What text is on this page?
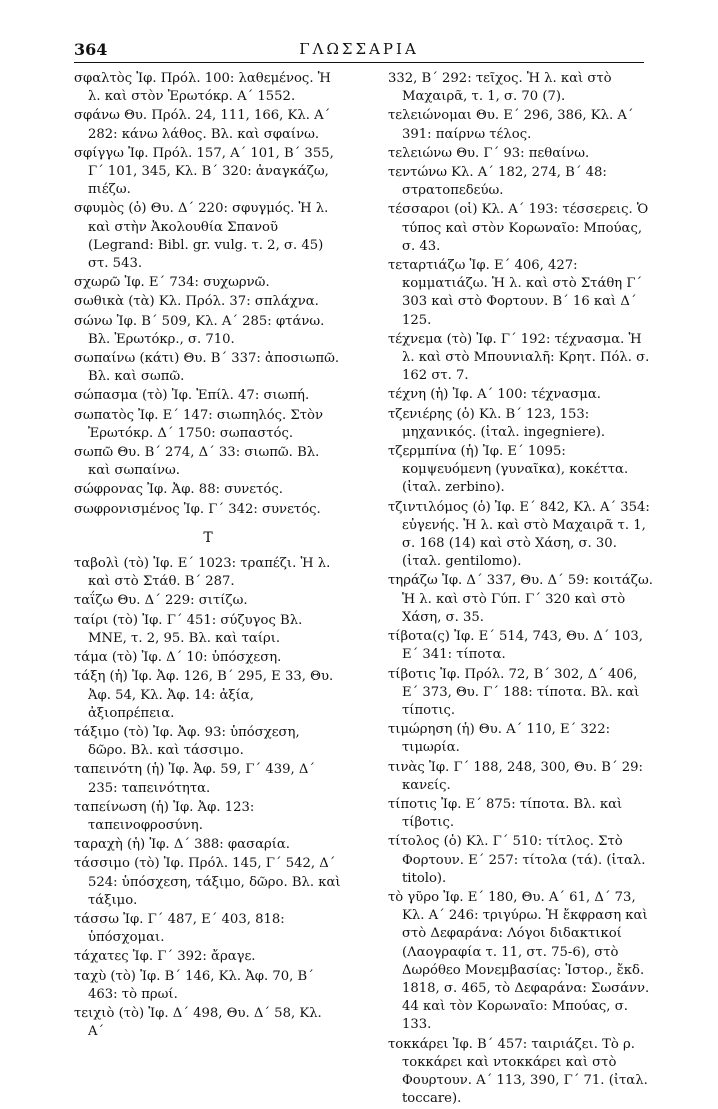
364	ΓΛΩΣΣΑΡΙΑ

σφαλτὸς Ἰφ. Πρόλ. 100: λαθεμένος. Ἡ λ. καὶ στὸν Ἐρωτόκρ. Α΄ 1552.

σφάνω Θυ. Πρόλ. 24, 111, 166, Κλ. Α΄ 282: κάνω λάθος. Βλ. καὶ σφαίνω.

σφίγγω Ἰφ. Πρόλ. 157, Α΄ 101, Β΄ 355, Γ΄ 101, 345, Κλ. Β΄ 320: ἀναγκάζω, πιέζω.

σφυμὸς (ὁ) Θυ. Δ΄ 220: σφυγμός. Ἡ λ. καὶ στὴν Ἀκολουθία Σπανοῦ (Legrand: Bibl. gr. vulg. τ. 2, σ. 45) στ. 543.

σχωρῶ Ἰφ. Ε΄ 734: συχωρνῶ.

σωθικὰ (τὰ) Κλ. Πρόλ. 37: σπλάχνα.

σώνω Ἰφ. Β΄ 509, Κλ. Α΄ 285: φτάνω. Βλ. Ἐρωτόκρ., σ. 710.

σωπαίνω (κάτι) Θυ. Β΄ 337: ἀποσιωπῶ. Βλ. καὶ σωπῶ.

σώπασμα (τὸ) Ἰφ. Ἐπίλ. 47: σιωπή.

σωπατὸς Ἰφ. Ε΄ 147: σιωπηλός. Στὸν Ἐρωτόκρ. Δ΄ 1750: σωπαστός.

σωπῶ Θυ. Β΄ 274, Δ΄ 33: σιωπῶ. Βλ. καὶ σωπαίνω.

σώφρονας Ἰφ. Ἀφ. 88: συνετός.

σωφρονισμένος Ἰφ. Γ΄ 342: συνετός.

Τ

ταβολὶ (τὸ) Ἰφ. Ε΄ 1023: τραπέζι. Ἡ λ. καὶ στὸ Στάθ. Β΄ 287.

ταΐζω Θυ. Δ΄ 229: σιτίζω.

ταίρι (τὸ) Ἰφ. Γ΄ 451: σύζυγος Βλ. ΜΝΕ, τ. 2, 95. Βλ. καὶ ταίρι.

τάμα (τὸ) Ἰφ. Δ΄ 10: ὑπόσχεση.

τάξη (ἡ) Ἰφ. Ἀφ. 126, Β΄ 295, Ε 33, Θυ. Ἀφ. 54, Κλ. Ἀφ. 14: ἀξία, ἀξιοπρέπεια.

τάξιμο (τὸ) Ἰφ. Ἀφ. 93: ὑπόσχεση, δῶρο. Βλ. καὶ τάσσιμο.

ταπεινότη (ἡ) Ἰφ. Ἀφ. 59, Γ΄ 439, Δ΄ 235: ταπεινότητα.

ταπείνωση (ἡ) Ἰφ. Ἀφ. 123: ταπεινοφροσύνη.

ταραχὴ (ἡ) Ἰφ. Δ΄ 388: φασαρία.

τάσσιμο (τὸ) Ἰφ. Πρόλ. 145, Γ΄ 542, Δ΄ 524: ὑπόσχεση, τάξιμο, δῶρο. Βλ. καὶ τάξιμο.

τάσσω Ἰφ. Γ΄ 487, Ε΄ 403, 818: ὑπόσχομαι.

τάχατες Ἰφ. Γ΄ 392: ἄραγε.

ταχὺ (τὸ) Ἰφ. Β΄ 146, Κλ. Ἀφ. 70, Β΄ 463: τὸ πρωί.

τειχιὸ (τὸ) Ἰφ. Δ΄ 498, Θυ. Δ΄ 58, Κλ. Α΄

332, Β΄ 292: τεῖχος. Ἡ λ. καὶ στὸ Μαχαιρᾶ, τ. 1, σ. 70 (7).

τελειώνομαι Θυ. Ε΄ 296, 386, Κλ. Α΄ 391: παίρνω τέλος.

τελειώνω Θυ. Γ΄ 93: πεθαίνω.

τεντώνω Κλ. Α΄ 182, 274, Β΄ 48: στρατοπεδεύω.

τέσσαροι (οἱ) Κλ. Α΄ 193: τέσσερεις. Ὁ τύπος καὶ στὸν Κορωναῖο: Μπούας, σ. 43.

τεταρτιάζω Ἰφ. Ε΄ 406, 427: κομματιάζω. Ἡ λ. καὶ στὸ Στάθη Γ΄ 303 καὶ στὸ Φορτουν. Β΄ 16 καὶ Δ΄ 125.

τέχνεμα (τὸ) Ἰφ. Γ΄ 192: τέχνασμα. Ἡ λ. καὶ στὸ Μπουνιαλῆ: Κρητ. Πόλ. σ. 162 στ. 7.

τέχνη (ἡ) Ἰφ. Α΄ 100: τέχνασμα.

τζενιέρης (ὁ) Κλ. Β΄ 123, 153: μηχανικός. (ἰταλ. ingegniere).

τζερμπίνα (ἡ) Ἰφ. Ε΄ 1095: κομψευόμενη (γυναῖκα), κοκέττα. (ἰταλ. zerbino).

τζιντιλόμος (ὁ) Ἰφ. Ε΄ 842, Κλ. Α΄ 354: εὐγενής. Ἡ λ. καὶ στὸ Μαχαιρᾶ τ. 1, σ. 168 (14) καὶ στὸ Χάση, σ. 30. (ἰταλ. gentilomo).

τηράζω Ἰφ. Δ΄ 337, Θυ. Δ΄ 59: κοιτάζω. Ἡ λ. καὶ στὸ Γύπ. Γ΄ 320 καὶ στὸ Χάση, σ. 35.

τίβοτα(ς) Ἰφ. Ε΄ 514, 743, Θυ. Δ΄ 103, Ε΄ 341: τίποτα.

τίβοτις Ἰφ. Πρόλ. 72, Β΄ 302, Δ΄ 406, Ε΄ 373, Θυ. Γ΄ 188: τίποτα. Βλ. καὶ τίποτις.

τιμώρηση (ἡ) Θυ. Α΄ 110, Ε΄ 322: τιμωρία.

τινὰς Ἰφ. Γ΄ 188, 248, 300, Θυ. Β΄ 29: κανείς.

τίποτις Ἰφ. Ε΄ 875: τίποτα. Βλ. καὶ τίβοτις.

τίτολος (ὁ) Κλ. Γ΄ 510: τίτλος. Στὸ Φορτουν. Ε΄ 257: τίτολα (τά). (ἰταλ. titolo).

τὸ γῦρο Ἰφ. Ε΄ 180, Θυ. Α΄ 61, Δ΄ 73, Κλ. Α΄ 246: τριγύρω. Ἡ ἔκφραση καὶ στὸ Δεφαράνα: Λόγοι διδακτικοί (Λαογραφία τ. 11, στ. 75-6), στὸ Δωρόθεο Μονεμβασίας: Ἱστορ., ἔκδ. 1818, σ. 465, τὸ Δεφαράνα: Σωσάνν. 44 καὶ τὸν Κορωναῖο: Μπούας, σ. 133.

τοκκάρει Ἰφ. Β΄ 457: ταιριάζει. Τὸ ρ. τοκκάρει καὶ ντοκκάρει καὶ στὸ Φουρτουν. Α΄ 113, 390, Γ΄ 71. (ἰταλ. toccare).
